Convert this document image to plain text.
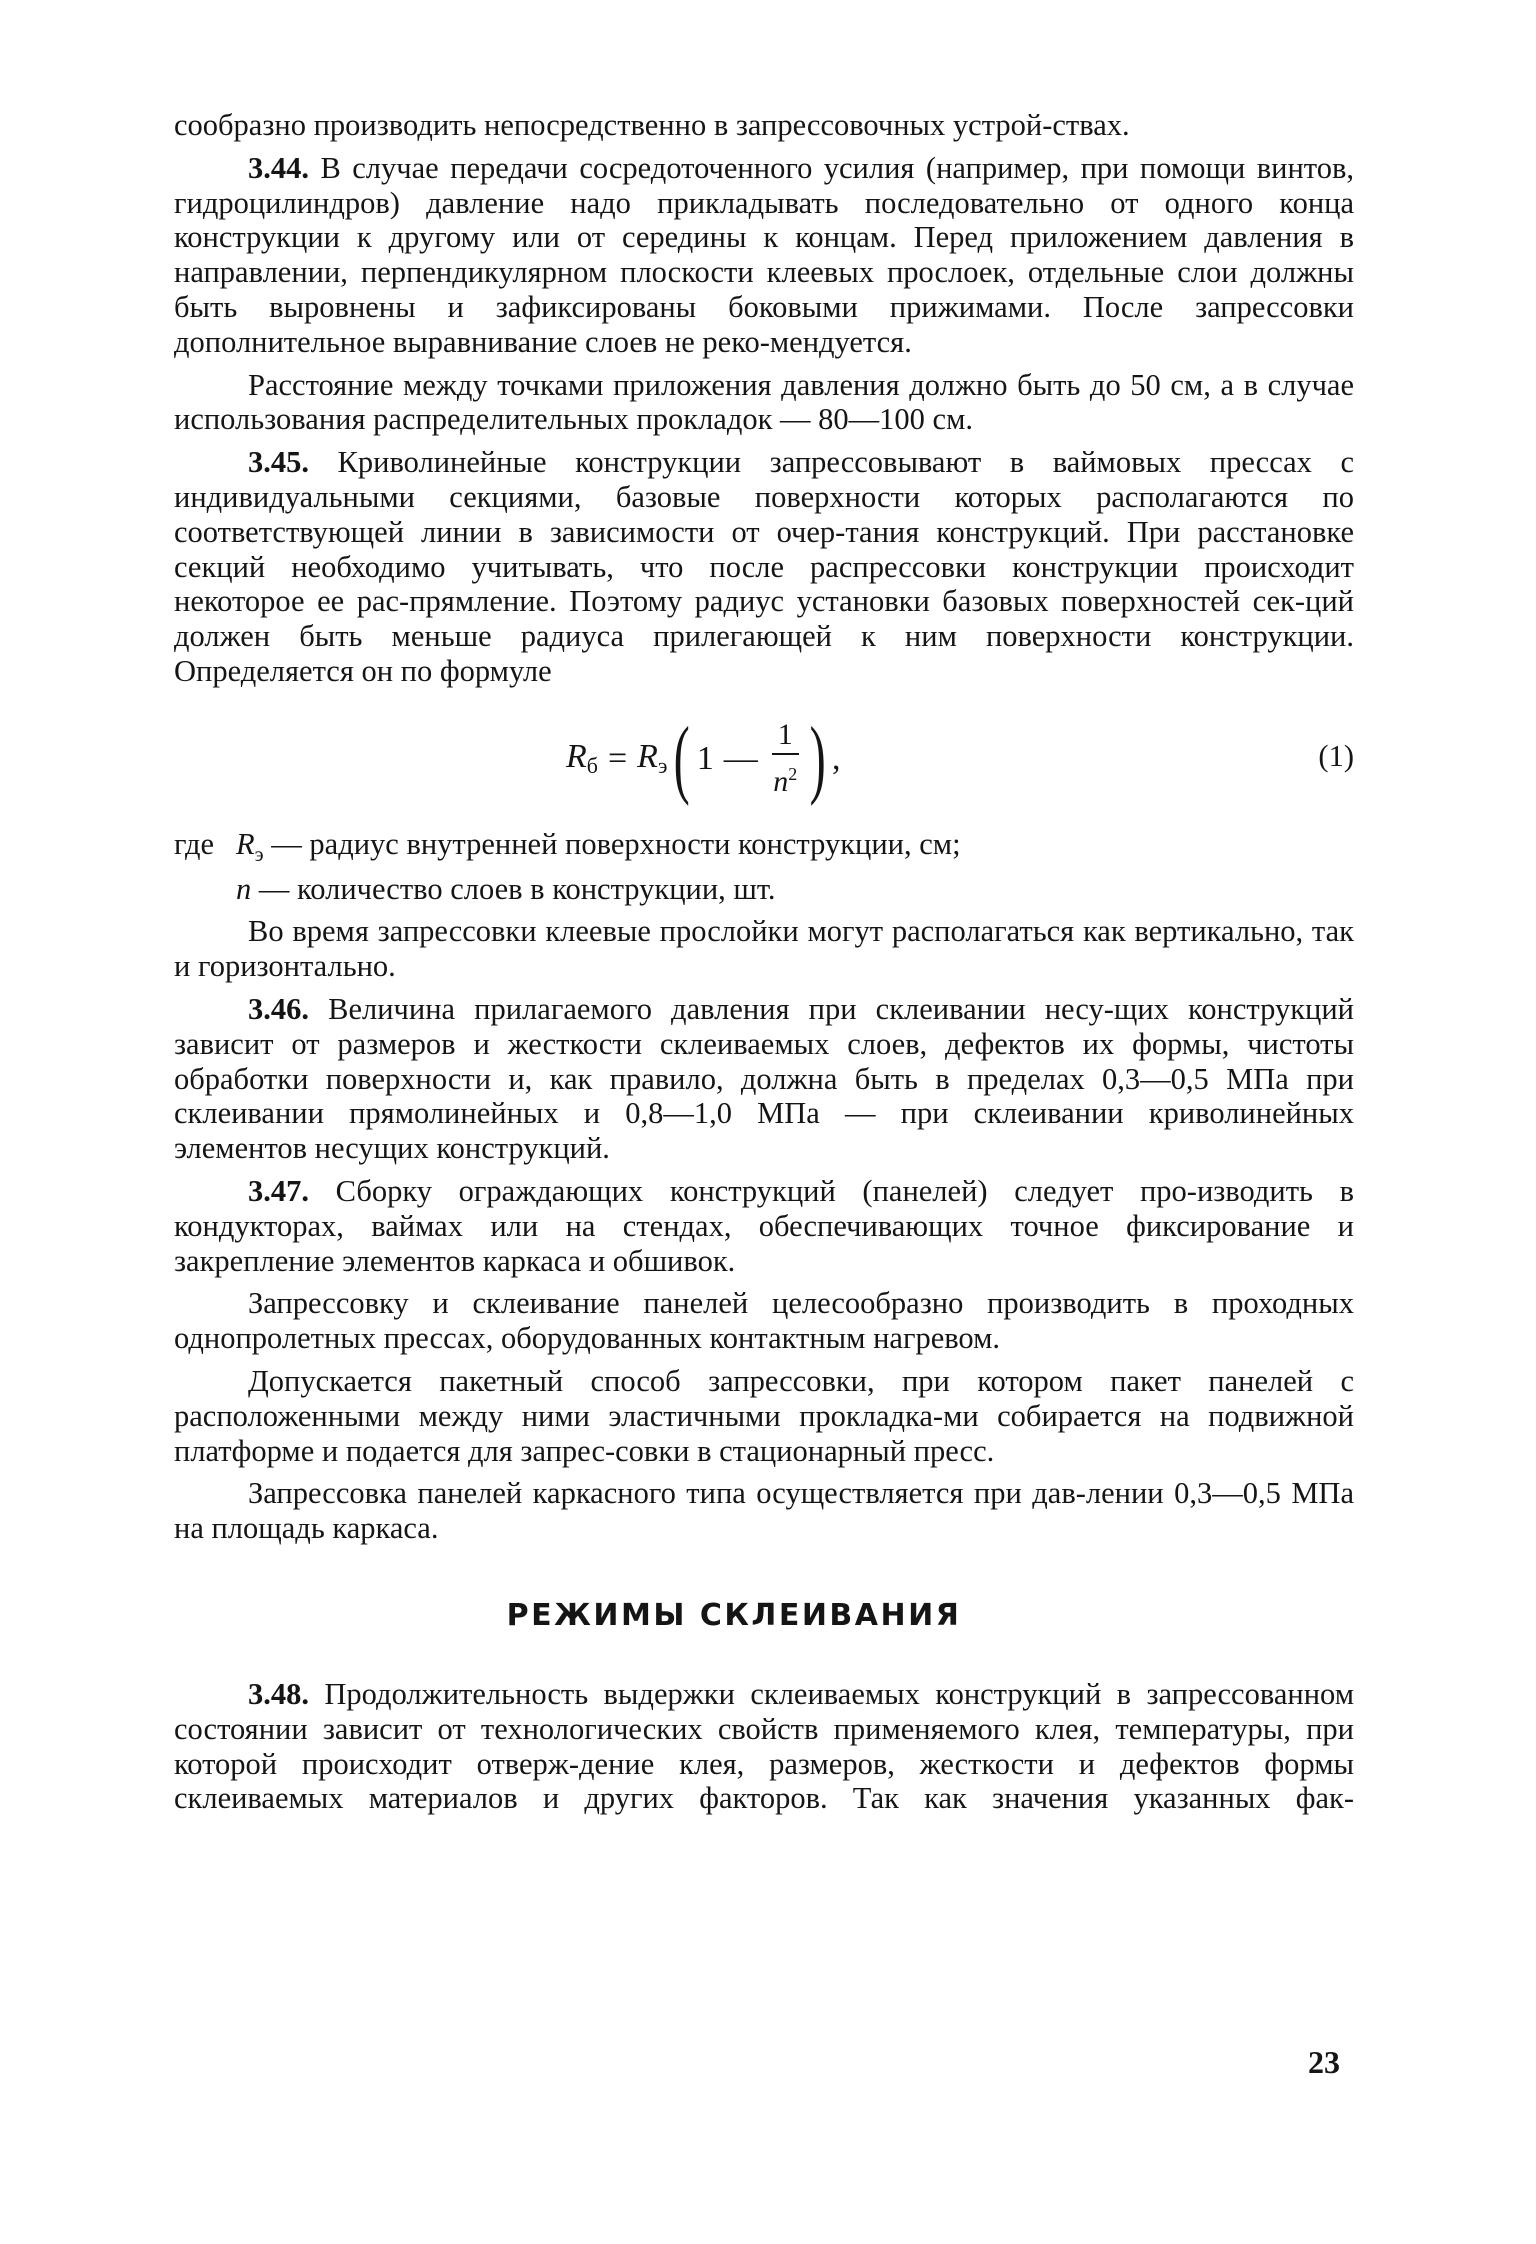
сообразно производить непосредственно в запрессовочных устрой-ствах.

3.44. В случае передачи сосредоточенного усилия (например, при помощи винтов, гидроцилиндров) давление надо прикладывать последовательно от одного конца конструкции к другому или от середины к концам. Перед приложением давления в направлении, перпендикулярном плоскости клеевых прослоек, отдельные слои должны быть выровнены и зафиксированы боковыми прижимами. После запрессовки дополнительное выравнивание слоев не реко-мендуется.

Расстояние между точками приложения давления должно быть до 50 см, а в случае использования распределительных прокладок — 80—100 см.

3.45. Криволинейные конструкции запрессовывают в ваймовых прессах с индивидуальными секциями, базовые поверхности которых располагаются по соответствующей линии в зависимости от очер-тания конструкций. При расстановке секций необходимо учитывать, что после распрессовки конструкции происходит некоторое ее рас-прямление. Поэтому радиус установки базовых поверхностей сек-ций должен быть меньше радиуса прилегающей к ним поверхности конструкции. Определяется он по формуле

$R_б = R_э$ ( 1 — $\frac{1}{n^2}$ ) ,	(1)
где $R_э$ — радиус внутренней поверхности конструкции, см;
n — количество слоев в конструкции, шт.

Во время запрессовки клеевые прослойки могут располагаться как вертикально, так и горизонтально.

3.46. Величина прилагаемого давления при склеивании несу-щих конструкций зависит от размеров и жесткости склеиваемых слоев, дефектов их формы, чистоты обработки поверхности и, как правило, должна быть в пределах 0,3—0,5 МПа при склеивании прямолинейных и 0,8—1,0 МПа — при склеивании криволинейных элементов несущих конструкций.

3.47. Сборку ограждающих конструкций (панелей) следует про-изводить в кондукторах, ваймах или на стендах, обеспечивающих точное фиксирование и закрепление элементов каркаса и обшивок.

Запрессовку и склеивание панелей целесообразно производить в проходных однопролетных прессах, оборудованных контактным нагревом.

Допускается пакетный способ запрессовки, при котором пакет панелей с расположенными между ними эластичными прокладка-ми собирается на подвижной платформе и подается для запрес-совки в стационарный пресс.

Запрессовка панелей каркасного типа осуществляется при дав-лении 0,3—0,5 МПа на площадь каркаса.

РЕЖИМЫ СКЛЕИВАНИЯ

3.48. Продолжительность выдержки склеиваемых конструкций в запрессованном состоянии зависит от технологических свойств применяемого клея, температуры, при которой происходит отверж-дение клея, размеров, жесткости и дефектов формы склеиваемых материалов и других факторов. Так как значения указанных фак-

23
